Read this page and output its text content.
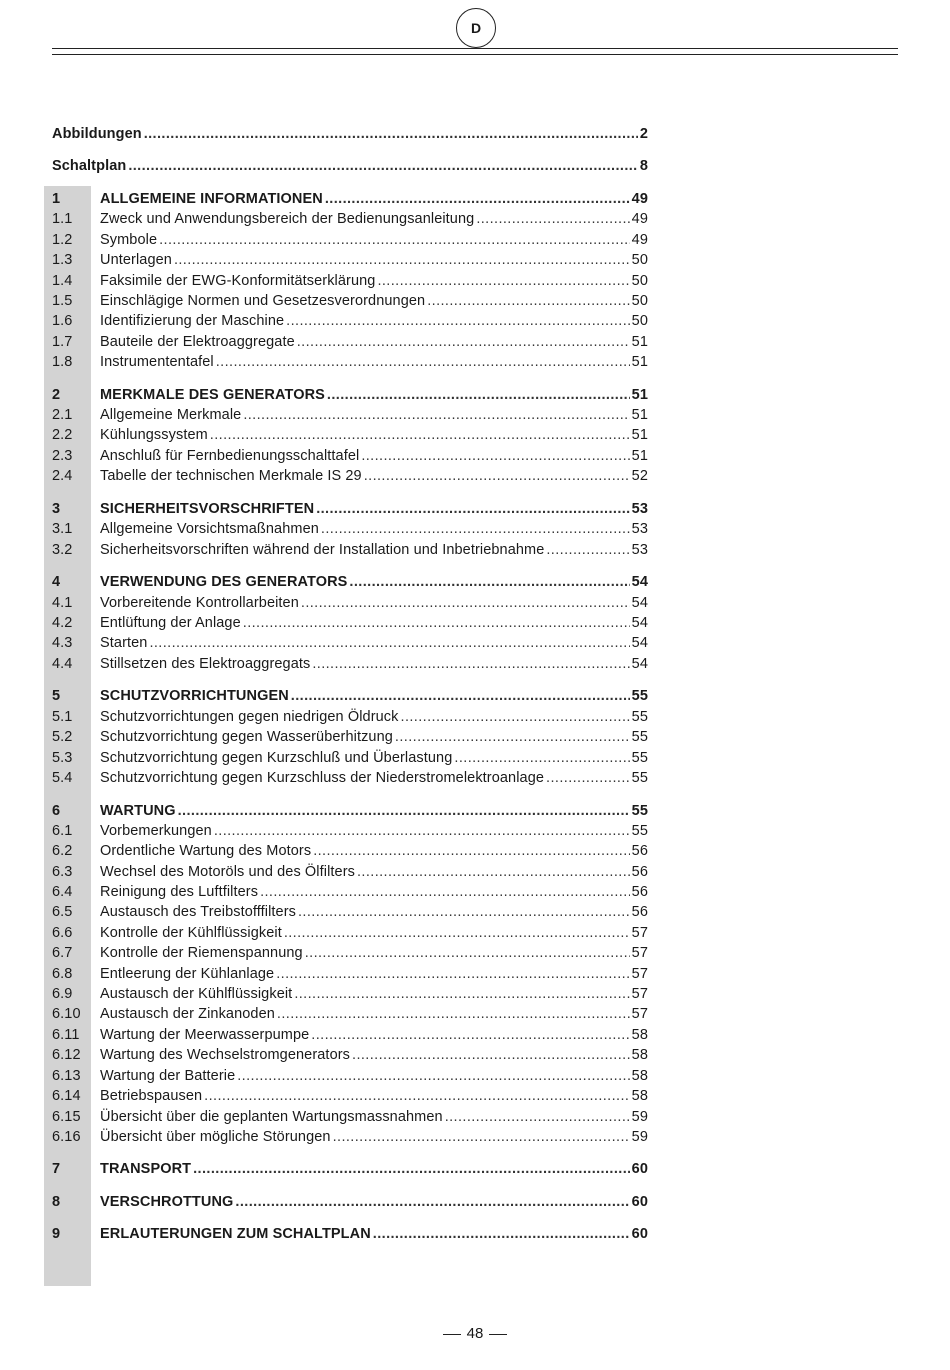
D
Abbildungen .....	2
Schaltplan .....	8
1	ALLGEMEINE INFORMATIONEN .....	49
1.1 Zweck und Anwendungsbereich der Bedienungsanleitung .....	49
1.2 Symbole .....	49
1.3 Unterlagen .....	50
1.4 Faksimile der EWG-Konformitätserklärung .....	50
1.5 Einschlägige Normen und Gesetzesverordnungen .....	50
1.6 Identifizierung der Maschine .....	50
1.7 Bauteile der Elektroaggregate .....	51
1.8 Instrumententafel .....	51
2	MERKMALE DES GENERATORS .....	51
2.1 Allgemeine Merkmale .....	51
2.2 Kühlungssystem .....	51
2.3 Anschluß für Fernbedienungsschalttafel .....	51
2.4 Tabelle der technischen Merkmale IS 29 .....	52
3	SICHERHEITSVORSCHRIFTEN .....	53
3.1 Allgemeine Vorsichtsmaßnahmen .....	53
3.2 Sicherheitsvorschriften während der Installation und Inbetriebnahme .....	53
4	VERWENDUNG DES GENERATORS .....	54
4.1 Vorbereitende Kontrollarbeiten .....	54
4.2 Entlüftung der Anlage .....	54
4.3 Starten .....	54
4.4 Stillsetzen des Elektroaggregats .....	54
5	SCHUTZVORRICHTUNGEN .....	55
5.1 Schutzvorrichtungen gegen niedrigen Öldruck .....	55
5.2 Schutzvorrichtung gegen Wasserüberhitzung .....	55
5.3 Schutzvorrichtung gegen Kurzschluß und Überlastung .....	55
5.4 Schutzvorrichtung gegen Kurzschluss der Niederstromelektroanlage .....	55
6	WARTUNG .....	55
6.1 Vorbemerkungen .....	55
6.2 Ordentliche Wartung des Motors .....	56
6.3 Wechsel des Motoröls und des Ölfilters .....	56
6.4 Reinigung des Luftfilters .....	56
6.5 Austausch des Treibstofffilters .....	56
6.6 Kontrolle der Kühlflüssigkeit .....	57
6.7 Kontrolle der Riemenspannung .....	57
6.8 Entleerung der Kühlanlage .....	57
6.9 Austausch der Kühlflüssigkeit .....	57
6.10 Austausch der Zinkanoden .....	57
6.11 Wartung der Meerwasserpumpe .....	58
6.12 Wartung des Wechselstromgenerators .....	58
6.13 Wartung der Batterie .....	58
6.14 Betriebspausen .....	58
6.15 Übersicht über die geplanten Wartungsmassnahmen .....	59
6.16 Übersicht über mögliche Störungen .....	59
7	TRANSPORT .....	60
8	VERSCHROTTUNG .....	60
9	ERLAUTERUNGEN ZUM SCHALTPLAN .....	60
48
